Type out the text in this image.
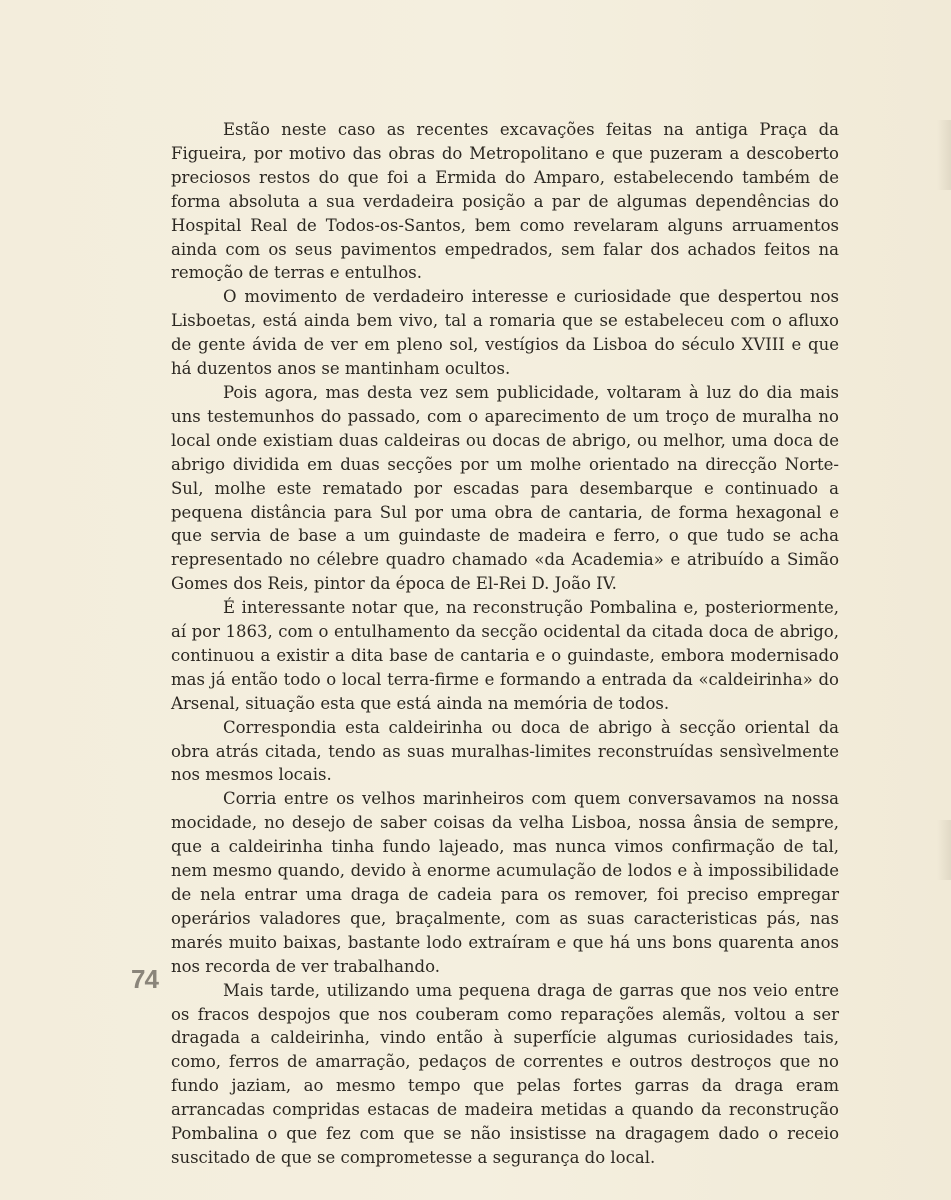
Estão neste caso as recentes excavações feitas na antiga Praça da Figueira, por motivo das obras do Metropolitano e que puzeram a descoberto preciosos restos do que foi a Ermida do Amparo, estabelecendo também de forma absoluta a sua verdadeira posição a par de algumas dependências do Hospital Real de Todos-os-Santos, bem como revelaram alguns arruamentos ainda com os seus pavimentos empedrados, sem falar dos achados feitos na remoção de terras e entulhos.

O movimento de verdadeiro interesse e curiosidade que despertou nos Lisboetas, está ainda bem vivo, tal a romaria que se estabeleceu com o afluxo de gente ávida de ver em pleno sol, vestígios da Lisboa do século XVIII e que há duzentos anos se mantinham ocultos.

Pois agora, mas desta vez sem publicidade, voltaram à luz do dia mais uns testemunhos do passado, com o aparecimento de um troço de muralha no local onde existiam duas caldeiras ou docas de abrigo, ou melhor, uma doca de abrigo dividida em duas secções por um molhe orientado na direcção Norte-Sul, molhe este rematado por escadas para desembarque e continuado a pequena distância para Sul por uma obra de cantaria, de forma hexagonal e que servia de base a um guindaste de madeira e ferro, o que tudo se acha representado no célebre quadro chamado «da Academia» e atribuído a Simão Gomes dos Reis, pintor da época de El-Rei D. João IV.

É interessante notar que, na reconstrução Pombalina e, posteriormente, aí por 1863, com o entulhamento da secção ocidental da citada doca de abrigo, continuou a existir a dita base de cantaria e o guindaste, embora modernisado mas já então todo o local terra-firme e formando a entrada da «caldeirinha» do Arsenal, situação esta que está ainda na memória de todos.

Correspondia esta caldeirinha ou doca de abrigo à secção oriental da obra atrás citada, tendo as suas muralhas-limites reconstruídas sensìvelmente nos mesmos locais.

Corria entre os velhos marinheiros com quem conversavamos na nossa mocidade, no desejo de saber coisas da velha Lisboa, nossa ânsia de sempre, que a caldeirinha tinha fundo lajeado, mas nunca vimos confirmação de tal, nem mesmo quando, devido à enorme acumulação de lodos e à impossibilidade de nela entrar uma draga de cadeia para os remover, foi preciso empregar operários valadores que, braçalmente, com as suas caracteristicas pás, nas marés muito baixas, bastante lodo extraíram e que há uns bons quarenta anos nos recorda de ver trabalhando.

Mais tarde, utilizando uma pequena draga de garras que nos veio entre os fracos despojos que nos couberam como reparações alemãs, voltou a ser dragada a caldeirinha, vindo então à superfície algumas curiosidades tais, como, ferros de amarração, pedaços de correntes e outros destroços que no fundo jaziam, ao mesmo tempo que pelas fortes garras da draga eram arrancadas compridas estacas de madeira metidas a quando da reconstrução Pombalina o que fez com que se não insistisse na dragagem dado o receio suscitado de que se comprometesse a segurança do local.

74
